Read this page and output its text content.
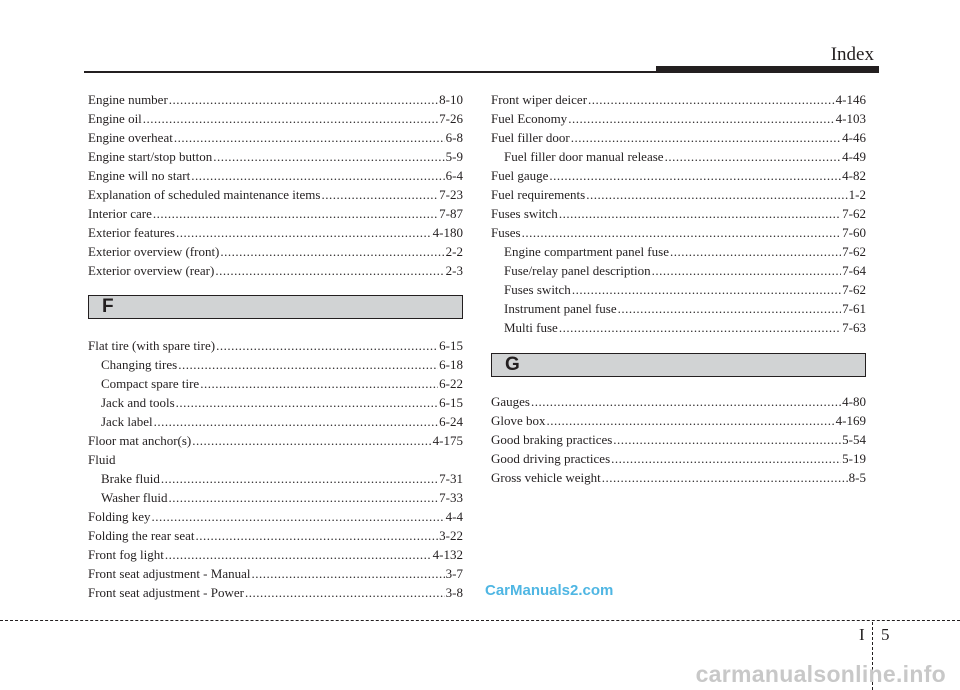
Index
Engine number .....	8-10
Engine oil .....	7-26
Engine overheat .....	6-8
Engine start/stop button .....	5-9
Engine will no start .....	6-4
Explanation of scheduled maintenance items .....	7-23
Interior care .....	7-87
Exterior features .....	4-180
Exterior overview (front) .....	2-2
Exterior overview (rear) .....	2-3
F
Flat tire (with spare tire) .....	6-15
Changing tires .....	6-18
Compact spare tire .....	6-22
Jack and tools .....	6-15
Jack label .....	6-24
Floor mat anchor(s) .....	4-175
Fluid
Brake fluid .....	7-31
Washer fluid .....	7-33
Folding key .....	4-4
Folding the rear seat .....	3-22
Front fog light .....	4-132
Front seat adjustment - Manual .....	3-7
Front seat adjustment - Power .....	3-8
Front wiper deicer .....	4-146
Fuel Economy .....	4-103
Fuel filler door .....	4-46
Fuel filler door manual release .....	4-49
Fuel gauge .....	4-82
Fuel requirements .....	1-2
Fuses switch .....	7-62
Fuses .....	7-60
Engine compartment panel fuse .....	7-62
Fuse/relay panel description .....	7-64
Fuses switch .....	7-62
Instrument panel fuse .....	7-61
Multi fuse .....	7-63
G
Gauges .....	4-80
Glove box .....	4-169
Good braking practices .....	5-54
Good driving practices .....	5-19
Gross vehicle weight .....	8-5
CarManuals2.com
I 5
carmanualsonline.info
